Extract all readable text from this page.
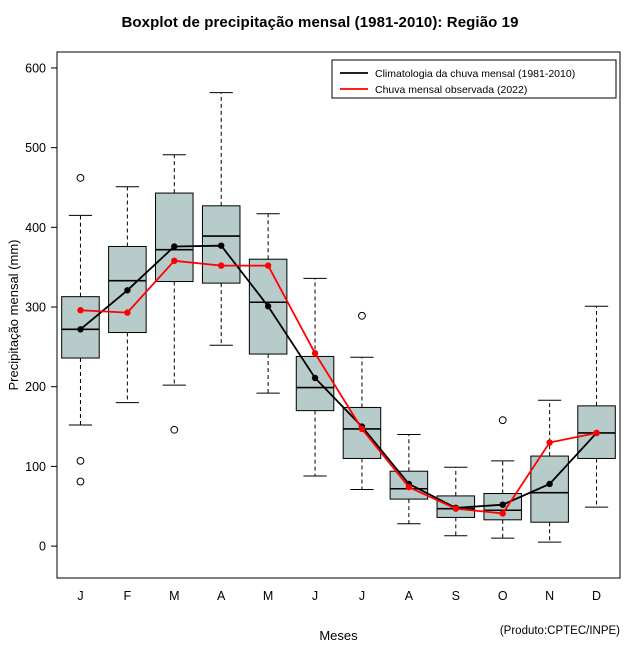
Boxplot de precipitação mensal (1981-2010): Região 19
0
100
200
300
400
500
600
J	F	M	A	M	J	J	A	S	O	N	D
Meses
Precipitação mensal (mm)
(Produto:CPTEC/INPE)
Climatologia da chuva mensal (1981-2010)
Chuva mensal observada (2022)
